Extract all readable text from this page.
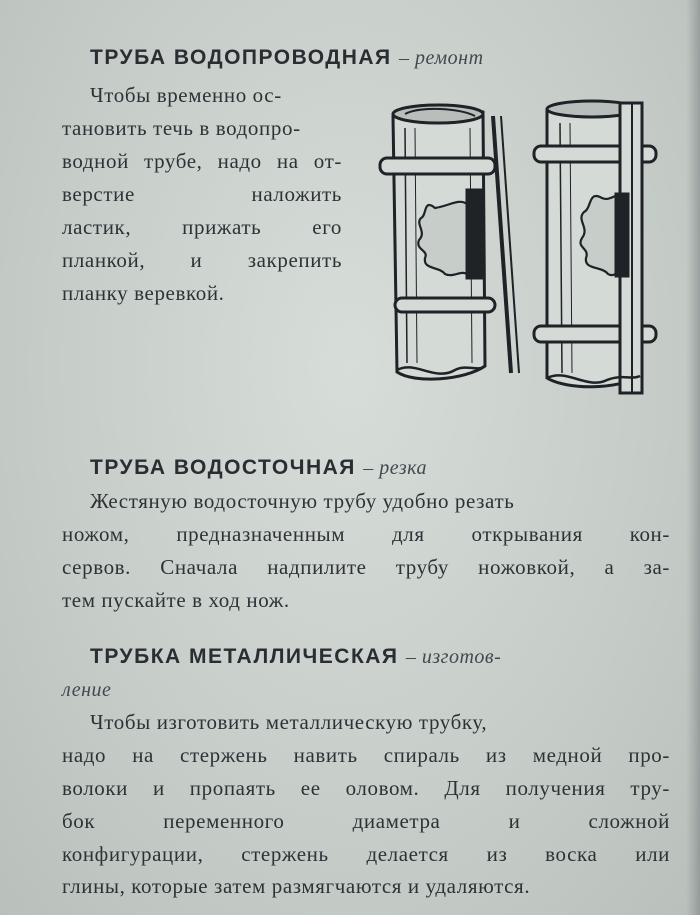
ТРУБА ВОДОПРОВОДНАЯ – ремонт
Чтобы временно ос-
тановить течь в водопро-
водной трубе, надо на от-
верстие наложить
ластик, прижать его
планкой, и закрепить
планку веревкой.
ТРУБА ВОДОСТОЧНАЯ – резка
Жестяную водосточную трубу удобно резать
ножом, предназначенным для открывания кон-
сервов. Сначала надпилите трубу ножовкой, а за-
тем пускайте в ход нож.
ТРУБКА МЕТАЛЛИЧЕСКАЯ – изготов-
ление
Чтобы изготовить металлическую трубку,
надо на стержень навить спираль из медной про-
волоки и пропаять ее оловом. Для получения тру-
бок переменного диаметра и сложной
конфигурации, стержень делается из воска или
глины, которые затем размягчаются и удаляются.
